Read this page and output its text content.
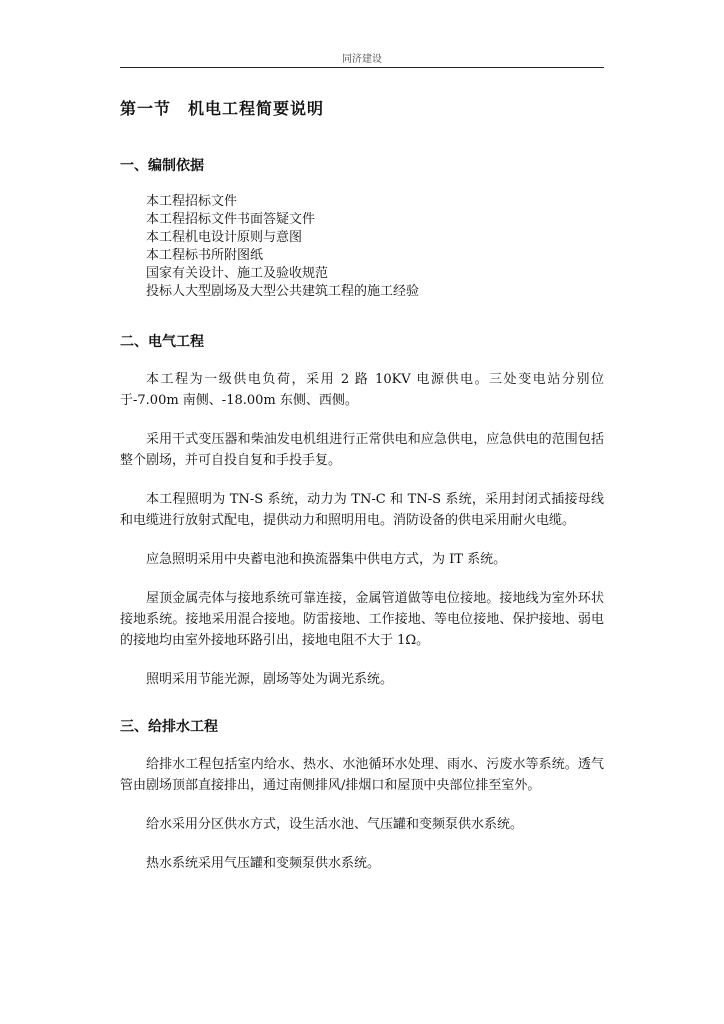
同济建设
第一节　机电工程简要说明
一、编制依据
本工程招标文件
本工程招标文件书面答疑文件
本工程机电设计原则与意图
本工程标书所附图纸
国家有关设计、施工及验收规范
投标人大型剧场及大型公共建筑工程的施工经验
二、电气工程

本工程为一级供电负荷，采用 2 路 10KV 电源供电。三处变电站分别位于-7.00m 南侧、-18.00m 东侧、西侧。

采用干式变压器和柴油发电机组进行正常供电和应急供电，应急供电的范围包括整个剧场，并可自投自复和手投手复。

本工程照明为 TN-S 系统，动力为 TN-C 和 TN-S 系统，采用封闭式插接母线和电缆进行放射式配电，提供动力和照明用电。消防设备的供电采用耐火电缆。

应急照明采用中央蓄电池和换流器集中供电方式，为 IT 系统。

屋顶金属壳体与接地系统可靠连接，金属管道做等电位接地。接地线为室外环状接地系统。接地采用混合接地。防雷接地、工作接地、等电位接地、保护接地、弱电的接地均由室外接地环路引出，接地电阻不大于 1Ω。

照明采用节能光源，剧场等处为调光系统。

三、给排水工程

给排水工程包括室内给水、热水、水池循环水处理、雨水、污废水等系统。透气管由剧场顶部直接排出，通过南侧排风/排烟口和屋顶中央部位排至室外。

给水采用分区供水方式，设生活水池、气压罐和变频泵供水系统。

热水系统采用气压罐和变频泵供水系统。
